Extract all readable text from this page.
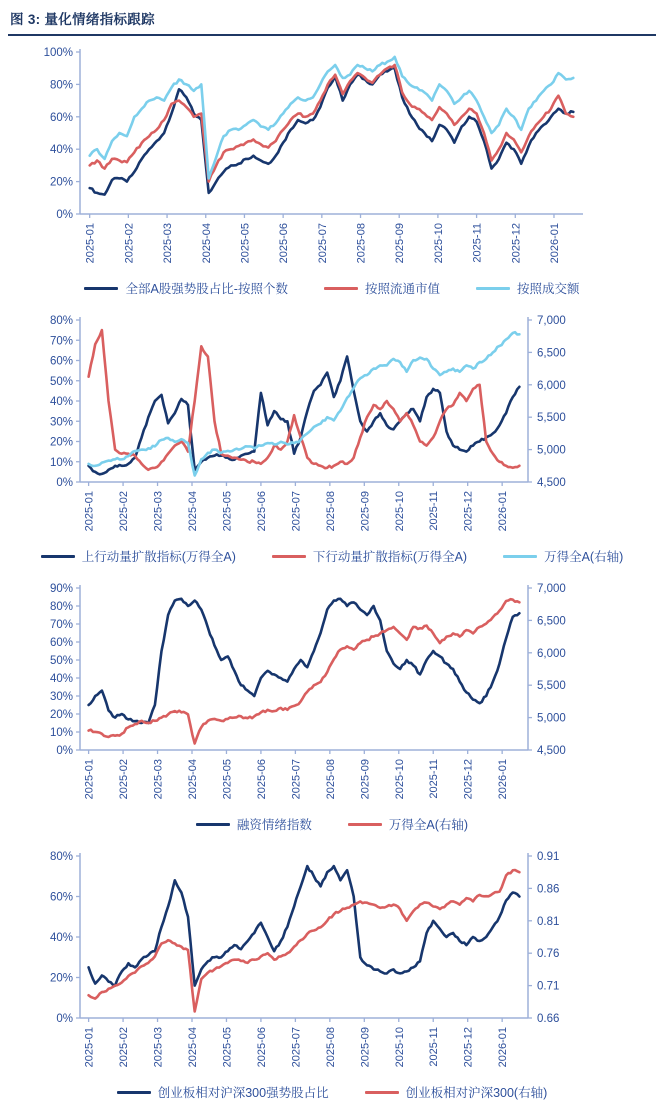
图 3: 量化情绪指标跟踪
0%
20%
40%
60%
80%
100%
2025-01 2025-02 2025-03 2025-04 2025-05 2025-06 2025-07 2025-08 2025-09 2025-10 2025-11 2025-12 2026-01
全部A股强势股占比-按照个数	按照流通市值	按照成交额
0%
10%
20%
30%
40%
50%
60%
70%
80%
4,500
5,000
5,500
6,000
6,500
7,000
2025-01 2025-02 2025-03 2025-04 2025-05 2025-06 2025-07 2025-08 2025-09 2025-10 2025-11 2025-12 2026-01
上行动量扩散指标(万得全A)	下行动量扩散指标(万得全A)	万得全A(右轴)
0%
10%
20%
30%
40%
50%
60%
70%
80%
90%
4,500
5,000
5,500
6,000
6,500
7,000
2025-01 2025-02 2025-03 2025-04 2025-05 2025-06 2025-07 2025-08 2025-09 2025-10 2025-11 2025-12 2026-01
融资情绪指数	万得全A(右轴)
0%
20%
40%
60%
80%
0.66
0.71
0.76
0.81
0.86
0.91
2025-01 2025-02 2025-03 2025-04 2025-05 2025-06 2025-07 2025-08 2025-09 2025-10 2025-11 2025-12 2026-01
创业板相对沪深300强势股占比	创业板相对沪深300(右轴)
